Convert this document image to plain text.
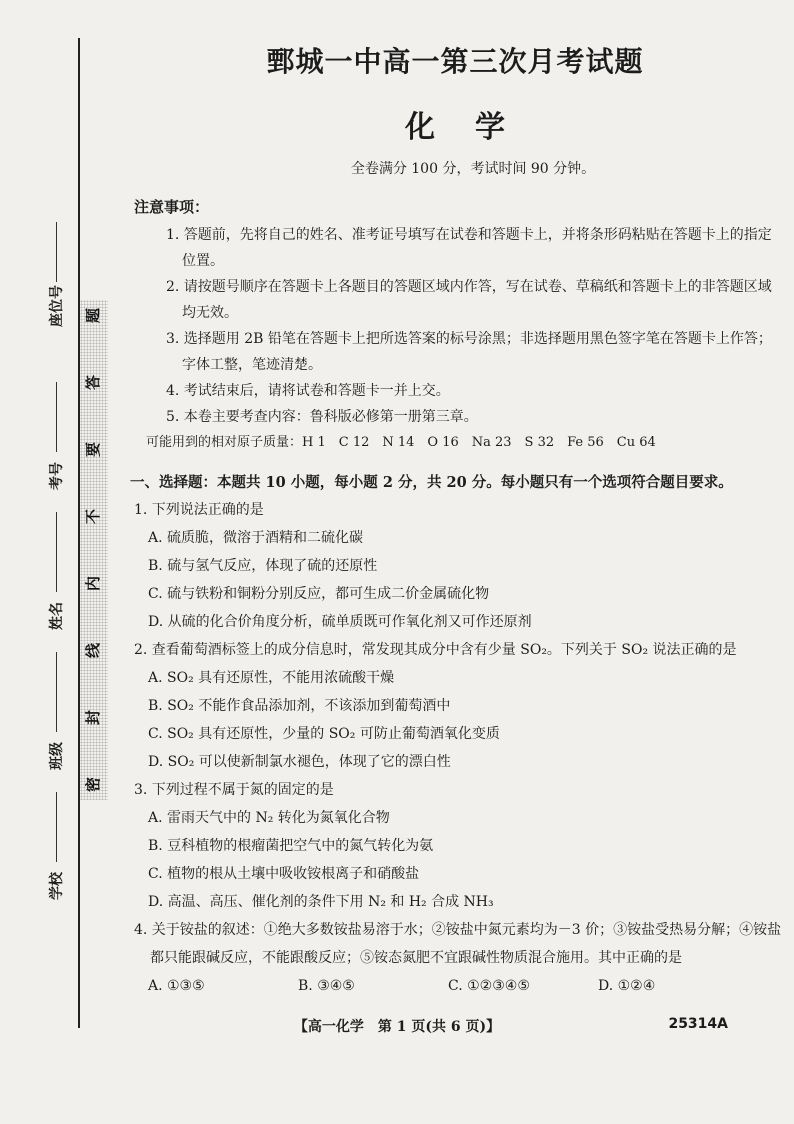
题
答
要
不
内
线
封
密
座位号
考号
姓名
班级
学校
鄄城一中高一第三次月考试题
化学
全卷满分 100 分，考试时间 90 分钟。
注意事项：
1. 答题前，先将自己的姓名、准考证号填写在试卷和答题卡上，并将条形码粘贴在答题卡上的指定位置。
2. 请按题号顺序在答题卡上各题目的答题区域内作答，写在试卷、草稿纸和答题卡上的非答题区域均无效。
3. 选择题用 2B 铅笔在答题卡上把所选答案的标号涂黑；非选择题用黑色签字笔在答题卡上作答；字体工整，笔迹清楚。
4. 考试结束后，请将试卷和答题卡一并上交。
5. 本卷主要考查内容：鲁科版必修第一册第三章。
可能用到的相对原子质量：H 1　C 12　N 14　O 16　Na 23　S 32　Fe 56　Cu 64
一、选择题：本题共 10 小题，每小题 2 分，共 20 分。每小题只有一个选项符合题目要求。
1. 下列说法正确的是
A. 硫质脆，微溶于酒精和二硫化碳
B. 硫与氢气反应，体现了硫的还原性
C. 硫与铁粉和铜粉分别反应，都可生成二价金属硫化物
D. 从硫的化合价角度分析，硫单质既可作氧化剂又可作还原剂
2. 查看葡萄酒标签上的成分信息时，常发现其成分中含有少量 SO₂。下列关于 SO₂ 说法正确的是
A. SO₂ 具有还原性，不能用浓硫酸干燥
B. SO₂ 不能作食品添加剂，不该添加到葡萄酒中
C. SO₂ 具有还原性，少量的 SO₂ 可防止葡萄酒氧化变质
D. SO₂ 可以使新制氯水褪色，体现了它的漂白性
3. 下列过程不属于氮的固定的是
A. 雷雨天气中的 N₂ 转化为氮氧化合物
B. 豆科植物的根瘤菌把空气中的氮气转化为氨
C. 植物的根从土壤中吸收铵根离子和硝酸盐
D. 高温、高压、催化剂的条件下用 N₂ 和 H₂ 合成 NH₃
4. 关于铵盐的叙述：①绝大多数铵盐易溶于水；②铵盐中氮元素均为－3 价；③铵盐受热易分解；④铵盐都只能跟碱反应，不能跟酸反应；⑤铵态氮肥不宜跟碱性物质混合施用。其中正确的是
A. ①③⑤	B. ③④⑤	C. ①②③④⑤	D. ①②④
【高一化学　第 1 页(共 6 页)】	25314A
